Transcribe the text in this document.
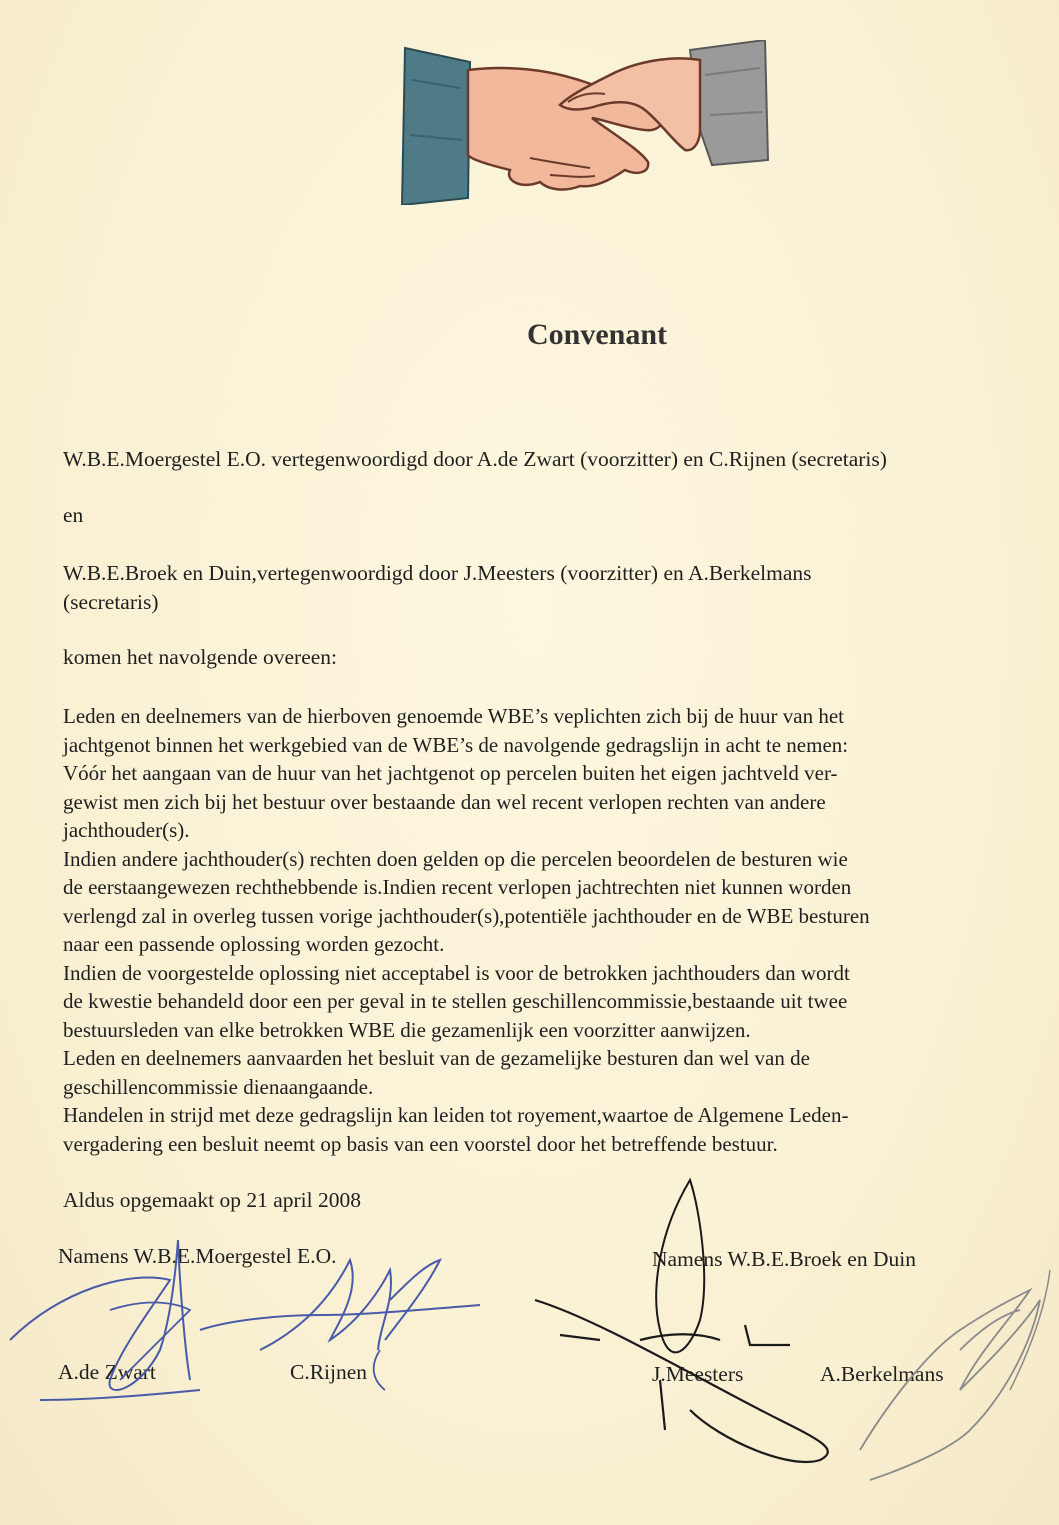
Convenant
W.B.E.Moergestel E.O. vertegenwoordigd door A.de Zwart (voorzitter) en C.Rijnen (secretaris)
en
W.B.E.Broek en Duin,vertegenwoordigd door J.Meesters (voorzitter) en A.Berkelmans
(secretaris)
komen het navolgende overeen:
Leden en deelnemers van de hierboven genoemde WBE’s veplichten zich bij de huur van het
jachtgenot binnen het werkgebied van de WBE’s de navolgende gedragslijn in acht te nemen:
Vóór het aangaan van de huur van het jachtgenot op percelen buiten het eigen jachtveld ver-
gewist men zich bij het bestuur over bestaande dan wel recent verlopen rechten van andere
jachthouder(s).
Indien andere jachthouder(s) rechten doen gelden op die percelen beoordelen de besturen wie
de eerstaangewezen rechthebbende is.Indien recent verlopen jachtrechten niet kunnen worden
verlengd zal in overleg tussen vorige jachthouder(s),potentiële jachthouder en de WBE besturen
naar een passende oplossing worden gezocht.
Indien de voorgestelde oplossing niet acceptabel is voor de betrokken jachthouders dan wordt
de kwestie behandeld door een per geval in te stellen geschillencommissie,bestaande uit twee
bestuursleden van elke betrokken WBE die gezamenlijk een voorzitter aanwijzen.
Leden en deelnemers aanvaarden het besluit van de gezamelijke besturen dan wel van de
geschillencommissie dienaangaande.
Handelen in strijd met deze gedragslijn kan leiden tot royement,waartoe de Algemene Leden-
vergadering een besluit neemt op basis van een voorstel door het betreffende bestuur.
Aldus opgemaakt op 21 april 2008
Namens W.B.E.Moergestel E.O.	Namens W.B.E.Broek en Duin
A.de Zwart	C.Rijnen	J.Meesters	A.Berkelmans
